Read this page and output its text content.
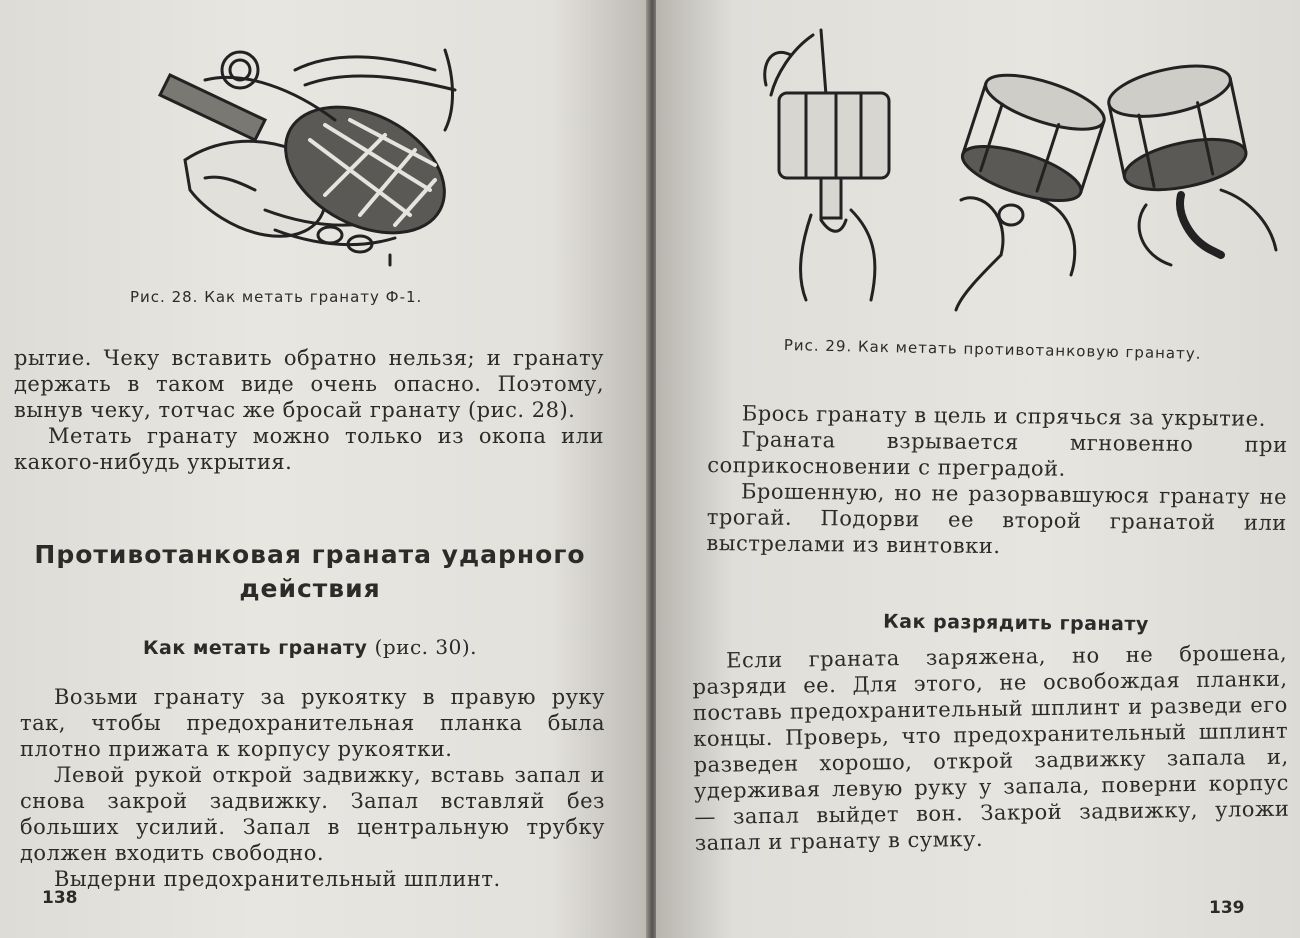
Рис. 28. Как метать гранату Ф-1.

рытие. Чеку вставить обратно нельзя; и гранату держать в таком виде очень опасно. Поэтому, вынув чеку, тотчас же бросай гранату (рис. 28).

Метать гранату можно только из окопа или какого-нибудь укрытия.

Противотанковая граната ударного действия
Как метать гранату (рис. 30).

Возьми гранату за рукоятку в правую руку так, чтобы предохранительная планка была плотно прижата к корпусу рукоятки.

Левой рукой открой задвижку, вставь запал и снова закрой задвижку. Запал вставляй без больших усилий. Запал в центральную трубку должен входить свободно.

Выдерни предохранительный шплинт.

138
Рис. 29. Как метать противотанковую гранату.

Брось гранату в цель и спрячься за укрытие.

Граната взрывается мгновенно при соприкосновении с преградой.

Брошенную, но не разорвавшуюся гранату не трогай. Подорви ее второй гранатой или выстрелами из винтовки.

Как разрядить гранату

Если граната заряжена, но не брошена, разряди ее. Для этого, не освобождая планки, поставь предохранительный шплинт и разведи его концы. Проверь, что предохранительный шплинт разведен хорошо, открой задвижку запала и, удерживая левую руку у запала, поверни корпус — запал выйдет вон. Закрой задвижку, уложи запал и гранату в сумку.

139
